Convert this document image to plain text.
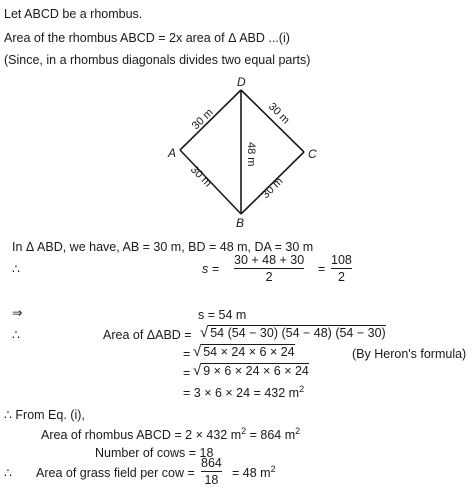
Let ABCD be a rhombus.
Area of the rhombus ABCD = 2x area of Δ ABD ...(i)
(Since, in a rhombus diagonals divides two equal parts)
A
D
C
B
30 m	30 m
30 m	30 m
48 m
In Δ ABD, we have, AB = 30 m, BD = 48 m, DA = 30 m
∴	s =
30 + 48 + 30
2
=
108
2
⇒	s = 54 m
∴	Area of ΔABD = √ 54 (54 − 30) (54 − 48) (54 − 30)
= √ 54 × 24 × 6 × 24	(By Heron's formula)
= √ 9 × 6 × 24 × 6 × 24
= 3 × 6 × 24 = 432 $m^2$
∴ From Eq. (i),
Area of rhombus ABCD = 2 × 432 $m^2 = 864$ $m^2$
Number of cows = 18
∴ Area of grass field per cow =
864
18 = 48 $m^2$
